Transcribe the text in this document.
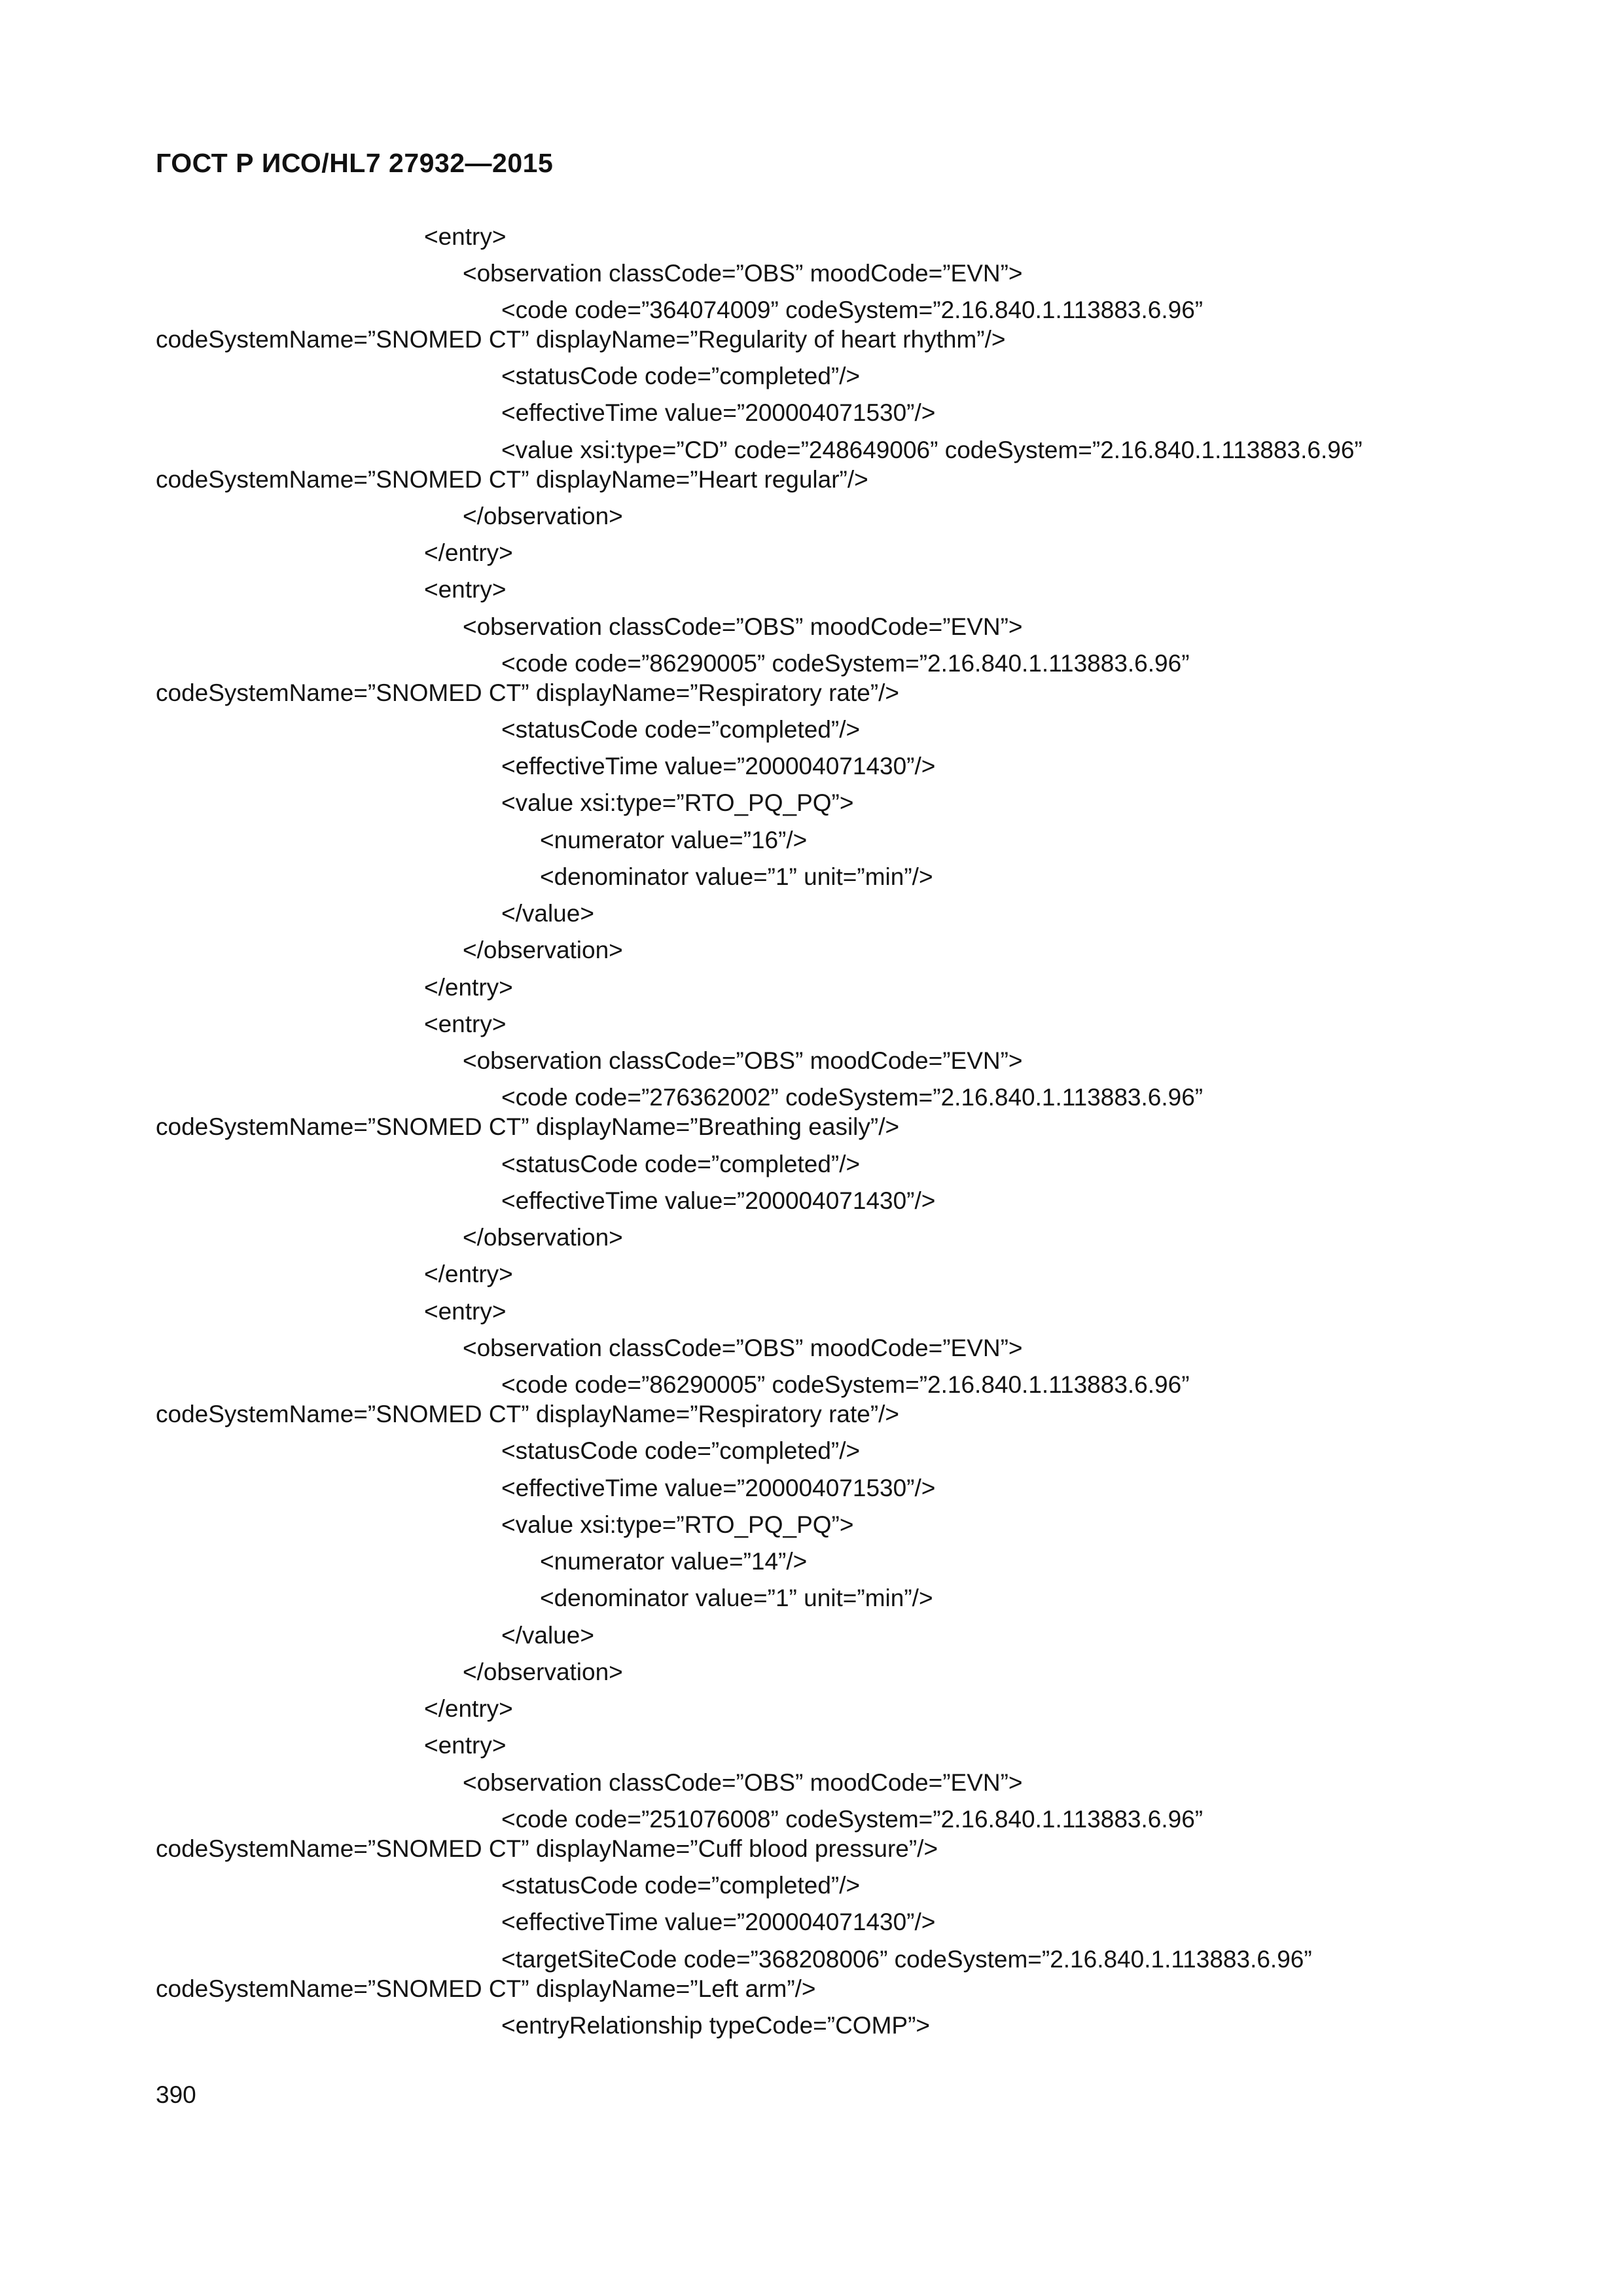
ГОСТ Р ИСО/HL7 27932—2015
<entry>
<observation classCode=”OBS” moodCode=”EVN”>
<code code=”364074009” codeSystem=”2.16.840.1.113883.6.96”
codeSystemName=”SNOMED CT” displayName=”Regularity of heart rhythm”/>
<statusCode code=”completed”/>
<effectiveTime value=”200004071530”/>
<value xsi:type=”CD” code=”248649006” codeSystem=”2.16.840.1.113883.6.96”
codeSystemName=”SNOMED CT” displayName=”Heart regular”/>
</observation>
</entry>
<entry>
<observation classCode=”OBS” moodCode=”EVN”>
<code code=”86290005” codeSystem=”2.16.840.1.113883.6.96”
codeSystemName=”SNOMED CT” displayName=”Respiratory rate”/>
<statusCode code=”completed”/>
<effectiveTime value=”200004071430”/>
<value xsi:type=”RTO_PQ_PQ”>
<numerator value=”16”/>
<denominator value=”1” unit=”min”/>
</value>
</observation>
</entry>
<entry>
<observation classCode=”OBS” moodCode=”EVN”>
<code code=”276362002” codeSystem=”2.16.840.1.113883.6.96”
codeSystemName=”SNOMED CT” displayName=”Breathing easily”/>
<statusCode code=”completed”/>
<effectiveTime value=”200004071430”/>
</observation>
</entry>
<entry>
<observation classCode=”OBS” moodCode=”EVN”>
<code code=”86290005” codeSystem=”2.16.840.1.113883.6.96”
codeSystemName=”SNOMED CT” displayName=”Respiratory rate”/>
<statusCode code=”completed”/>
<effectiveTime value=”200004071530”/>
<value xsi:type=”RTO_PQ_PQ”>
<numerator value=”14”/>
<denominator value=”1” unit=”min”/>
</value>
</observation>
</entry>
<entry>
<observation classCode=”OBS” moodCode=”EVN”>
<code code=”251076008” codeSystem=”2.16.840.1.113883.6.96”
codeSystemName=”SNOMED CT” displayName=”Cuff blood pressure”/>
<statusCode code=”completed”/>
<effectiveTime value=”200004071430”/>
<targetSiteCode code=”368208006” codeSystem=”2.16.840.1.113883.6.96”
codeSystemName=”SNOMED CT” displayName=”Left arm”/>
<entryRelationship typeCode=”COMP”>
390
